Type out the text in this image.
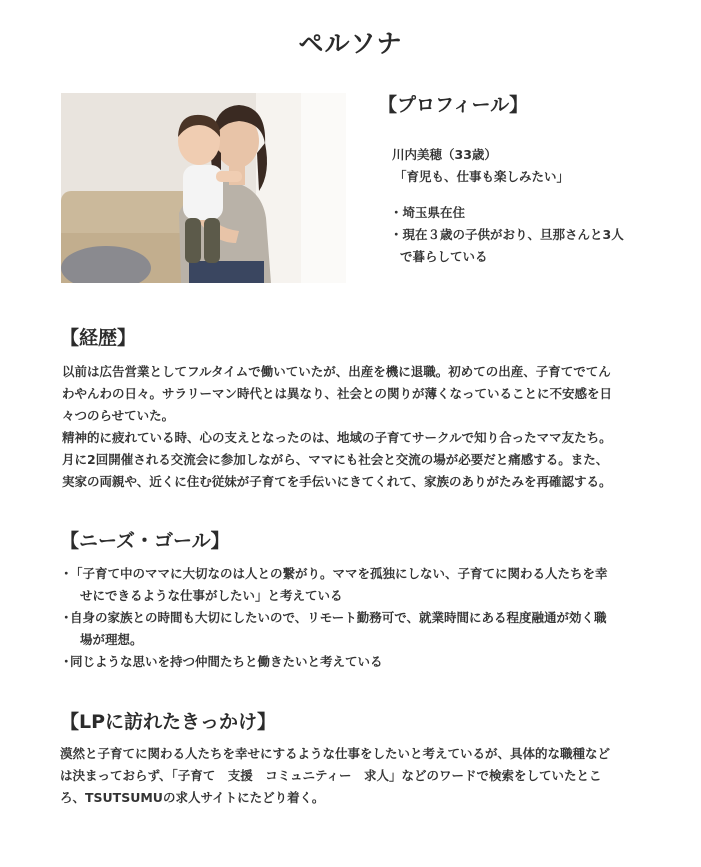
ペルソナ
【プロフィール】
川内美穂（33歳）
「育児も、仕事も楽しみたい」
・埼玉県在住
・現在３歳の子供がおり、旦那さんと3人
で暮らしている
【経歴】

以前は広告営業としてフルタイムで働いていたが、出産を機に退職。初めての出産、子育てでてん

わやんわの日々。サラリーマン時代とは異なり、社会との関りが薄くなっていることに不安感を日

々つのらせていた。

精神的に疲れている時、心の支えとなったのは、地域の子育てサークルで知り合ったママ友たち。

月に2回開催される交流会に参加しながら、ママにも社会と交流の場が必要だと痛感する。また、

実家の両親や、近くに住む従妹が子育てを手伝いにきてくれて、家族のありがたみを再確認する。

【ニーズ・ゴール】
・
「子育て中のママに大切なのは人との繋がり。ママを孤独にしない、子育てに関わる人たちを幸
せにできるような仕事がしたい」と考えている
・
自身の家族との時間も大切にしたいので、リモート勤務可で、就業時間にある程度融通が効く職
場が理想。
・
同じような思いを持つ仲間たちと働きたいと考えている
【LPに訪れたきっかけ】

漠然と子育てに関わる人たちを幸せにするような仕事をしたいと考えているが、具体的な職種など

は決まっておらず、「子育て　支援　コミュニティー　求人」などのワードで検索をしていたとこ

ろ、TSUTSUMUの求人サイトにたどり着く。
